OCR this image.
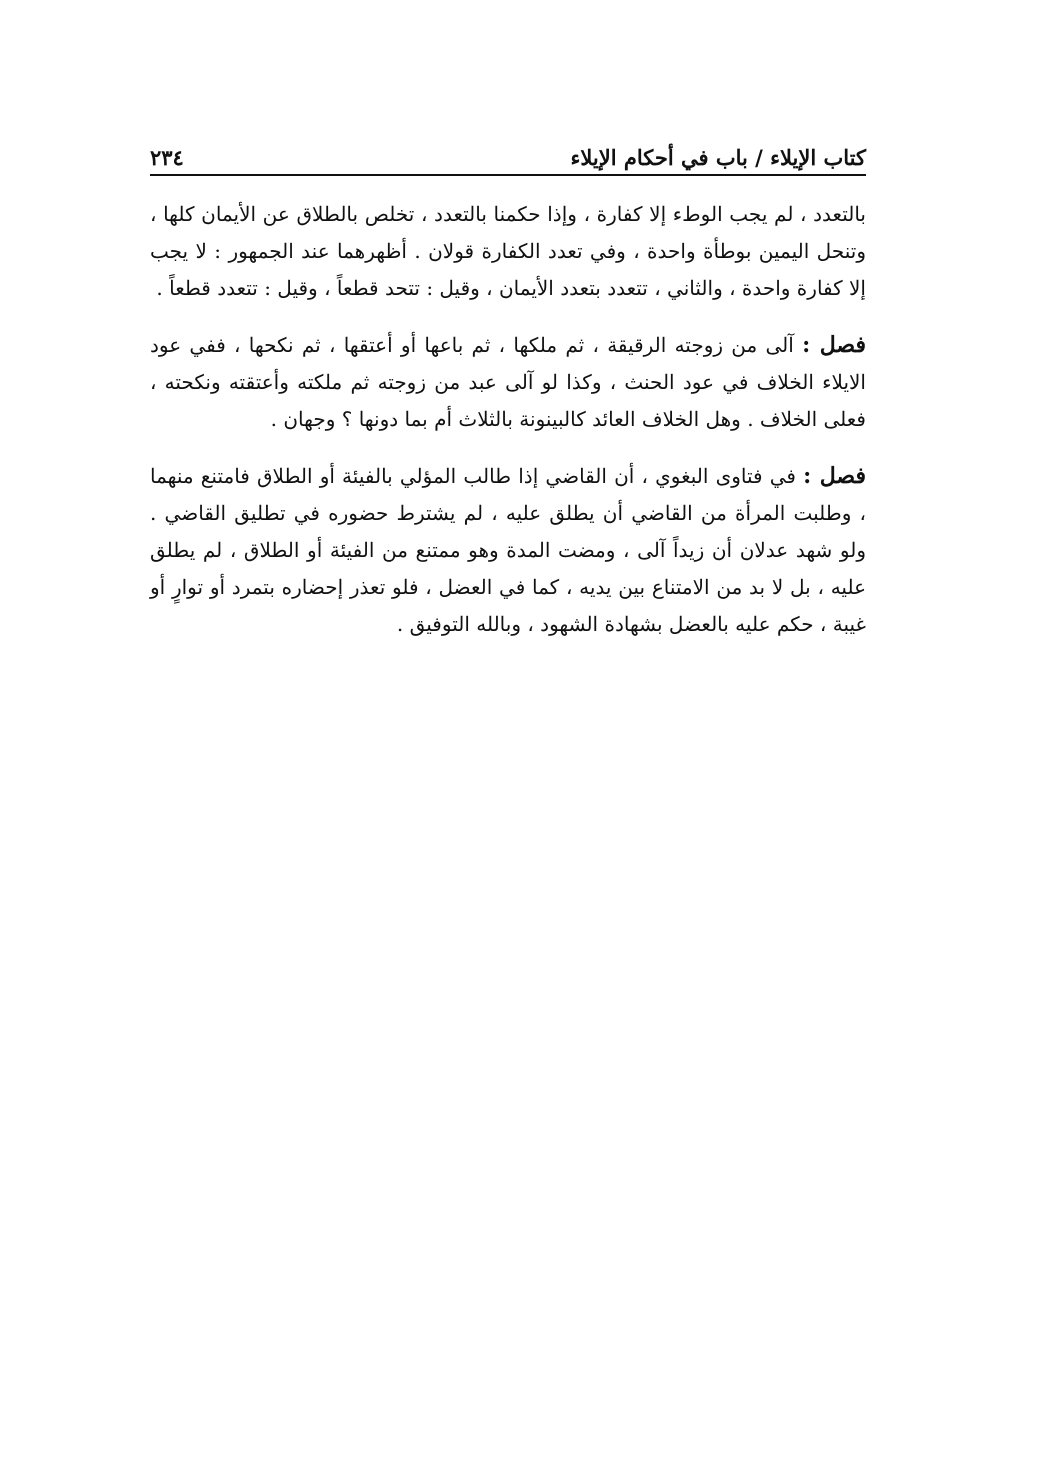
كتاب الإيلاء / باب في أحكام الإيلاء
٢٣٤

بالتعدد ، لم يجب الوطء إلا كفارة ، وإذا حكمنا بالتعدد ، تخلص بالطلاق عن الأيمان كلها ، وتنحل اليمين بوطأة واحدة ، وفي تعدد الكفارة قولان . أظهرهما عند الجمهور : لا يجب إلا كفارة واحدة ، والثاني ، تتعدد بتعدد الأيمان ، وقيل : تتحد قطعاً ، وقيل : تتعدد قطعاً .

فصل : آلى من زوجته الرقيقة ، ثم ملكها ، ثم باعها أو أعتقها ، ثم نكحها ، ففي عود الايلاء الخلاف في عود الحنث ، وكذا لو آلى عبد من زوجته ثم ملكته وأعتقته ونكحته ، فعلى الخلاف . وهل الخلاف العائد كالبينونة بالثلاث أم بما دونها ؟ وجهان .

فصل : في فتاوى البغوي ، أن القاضي إذا طالب المؤلي بالفيئة أو الطلاق فامتنع منهما ، وطلبت المرأة من القاضي أن يطلق عليه ، لم يشترط حضوره في تطليق القاضي . ولو شهد عدلان أن زيداً آلى ، ومضت المدة وهو ممتنع من الفيئة أو الطلاق ، لم يطلق عليه ، بل لا بد من الامتناع بين يديه ، كما في العضل ، فلو تعذر إحضاره بتمرد أو توارٍ أو غيبة ، حكم عليه بالعضل بشهادة الشهود ، وبالله التوفيق .
